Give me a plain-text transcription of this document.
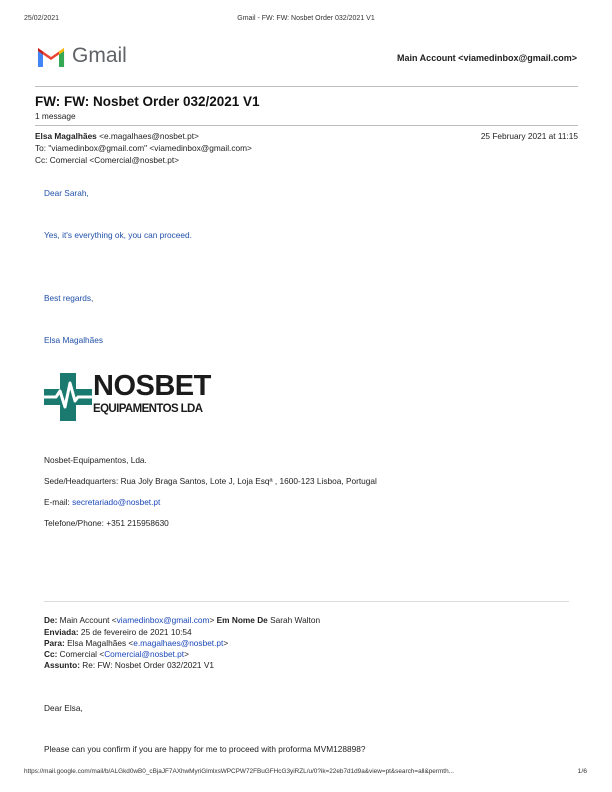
25/02/2021	Gmail - FW: FW: Nosbet Order 032/2021 V1
Gmail	Main Account <viamedinbox@gmail.com>
FW: FW: Nosbet Order 032/2021 V1
1 message
Elsa Magalhães <e.magalhaes@nosbet.pt>	25 February 2021 at 11:15
To: "viamedinbox@gmail.com" <viamedinbox@gmail.com>
Cc: Comercial <Comercial@nosbet.pt>
Dear Sarah,
Yes, it's everything ok, you can proceed.
Best regards,
Elsa Magalhães
NOSBET
EQUIPAMENTOS LDA
Nosbet-Equipamentos, Lda.
Sede/Headquarters: Rua Joly Braga Santos, Lote J, Loja Esqª , 1600-123 Lisboa, Portugal
E-mail: secretariado@nosbet.pt
Telefone/Phone: +351 215958630
De: Main Account <viamedinbox@gmail.com> Em Nome De Sarah Walton
Enviada: 25 de fevereiro de 2021 10:54
Para: Elsa Magalhães <e.magalhaes@nosbet.pt>
Cc: Comercial <Comercial@nosbet.pt>
Assunto: Re: FW: Nosbet Order 032/2021 V1
Dear Elsa,
Please can you confirm if you are happy for me to proceed with proforma MVM128898?
https://mail.google.com/mail/b/ALGkd0wB0_cBjaJF7AXhwMyriGlmlxsWPCPW72FBuGFHcG3yiRZL/u/0?ik=22eb7d1d9a&view=pt&search=all&permth...	1/6
